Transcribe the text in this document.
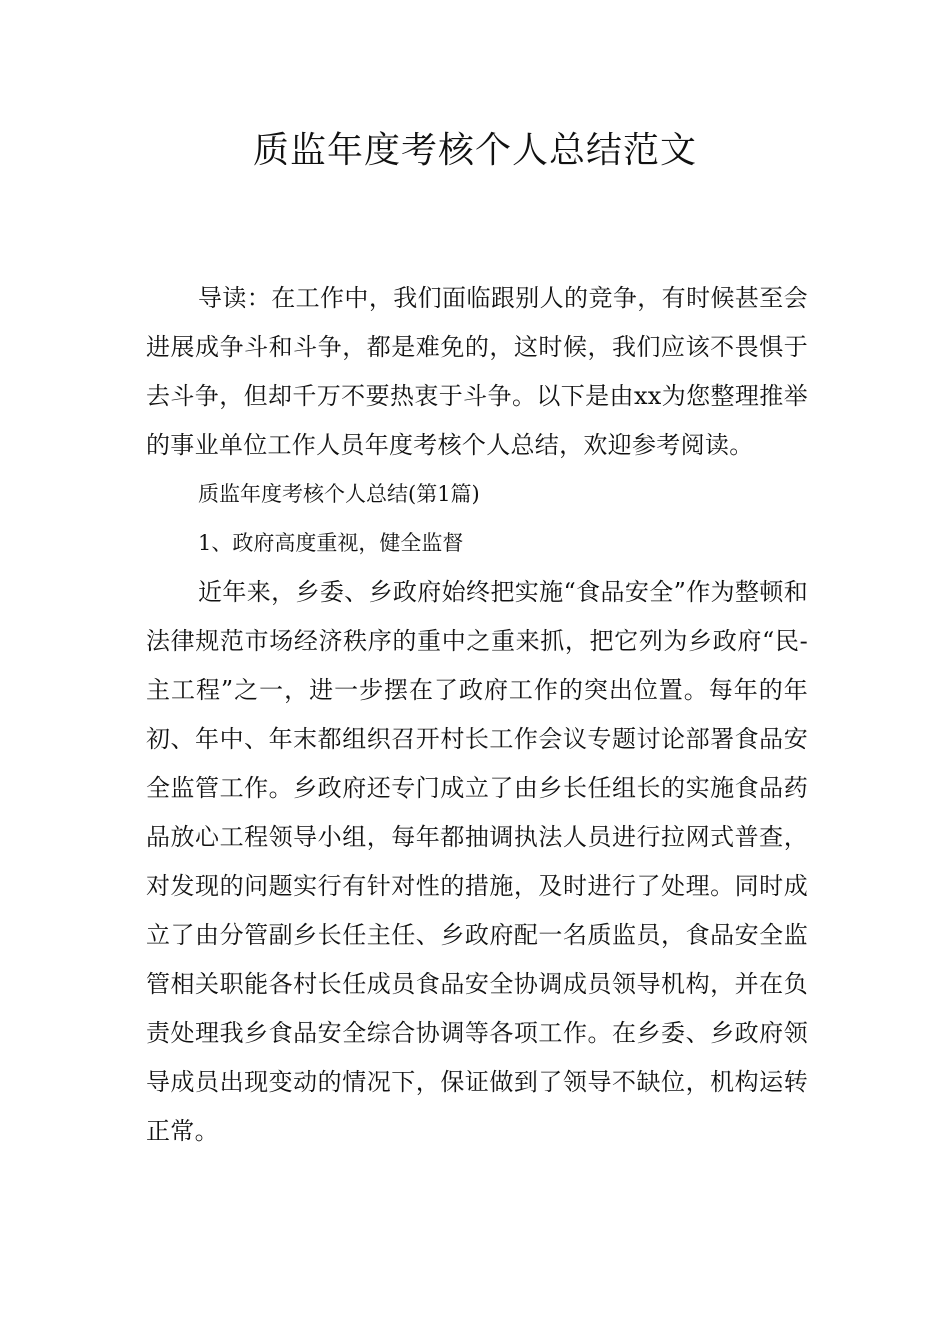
质监年度考核个人总结范文

导读：在工作中，我们面临跟别人的竞争，有时候甚至会进展成争斗和斗争，都是难免的，这时候，我们应该不畏惧于去斗争，但却千万不要热衷于斗争。以下是由xx为您整理推举的事业单位工作人员年度考核个人总结，欢迎参考阅读。

质监年度考核个人总结(第1篇)

1、政府高度重视，健全监督

近年来，乡委、乡政府始终把实施“食品安全”作为整顿和法律规范市场经济秩序的重中之重来抓，把它列为乡政府“民-主工程”之一，进一步摆在了政府工作的突出位置。每年的年初、年中、年末都组织召开村长工作会议专题讨论部署食品安全监管工作。乡政府还专门成立了由乡长任组长的实施食品药品放心工程领导小组，每年都抽调执法人员进行拉网式普查，对发现的问题实行有针对性的措施，及时进行了处理。同时成立了由分管副乡长任主任、乡政府配一名质监员，食品安全监管相关职能各村长任成员食品安全协调成员领导机构，并在负责处理我乡食品安全综合协调等各项工作。在乡委、乡政府领导成员出现变动的情况下，保证做到了领导不缺位，机构运转正常。
